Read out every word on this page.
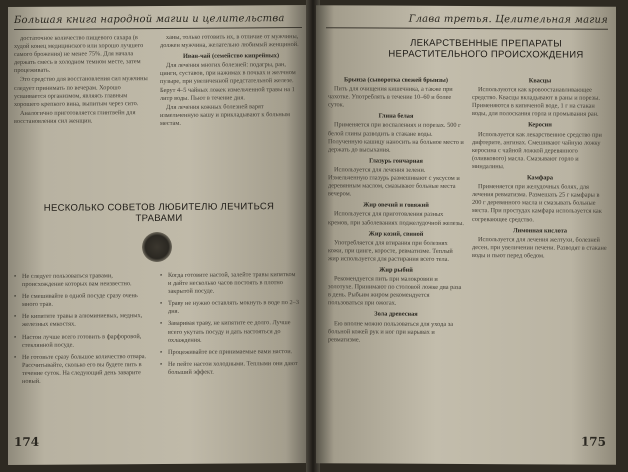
Большая книга народной магии и целительства

достаточное количество пищевого сахара (в худой конец медицинского или хорошо лучшего самого брожения) не менее 75%. Для начала держать смесь в холодном темном месте, затем процеживать.

Это средство для восстановления сил мужчины следует принимать по вечерам. Хорошо усваивается организмом, являясь главным хорошего крепкого вина, выпитым через сито.

Аналогично приготовляется глинтвейн для восстановления сил женщин.

ханы, только готовить их, в отличие от мужчины, должен мужчина, желательно любимый женщиной.

Иван-чай (семейство кипрейных)

Для лечения многих болезней: подагры, ран, цинги, суставов, при нажимах в почках и желчном пузыре, при увеличенной предстательной железе. Берут 4–5 чайных ложек измельченной травы на 1 литр воды. Пьют в течение дня.

Для лечения кожных болезней варят измельченную кашу и прикладывают к больным местам.

НЕСКОЛЬКО СОВЕТОВ ЛЮБИТЕЛЮ ЛЕЧИТЬСЯ ТРАВАМИ
• Не следует пользоваться травами, происхождение которых вам неизвестно.
• Не смешивайте в одной посуде сразу очень много трав.
• Не кипятите травы в алюминиевых, медных, железных емкостях.
• Настои лучше всего готовить в фарфоровой, стеклянной посуде.
• Не готовьте сразу большое количество отвара. Рассчитывайте, сколько его вы будете пить в течение суток. На следующий день заварите новый.
• Когда готовите настой, залейте травы кипятком и дайте несколько часов постоять в плотно закрытой посуде.
• Траву не нужно оставлять мокнуть в воде по 2–3 дня.
• Заваривая траву, не кипятите ее долго. Лучше всего укутать посуду и дать настояться до охлаждения.
• Процеживайте все принимаемые вами настои.
• Не пейте настои холодными. Теплыми они дают больший эффект.
174
Глава третья. Целительная магия
ЛЕКАРСТВЕННЫЕ ПРЕПАРАТЫ НЕРАСТИТЕЛЬНОГО ПРОИСХОЖДЕНИЯ

Брынза (сыворотка свежей брынзы)

Пить для очищения кишечника, а также при чахотке. Употреблять в течение 10–60 и более суток.

Глина белая

Применяется при воспалениях и порезах. 500 г белой глины разводить в стакане воды. Полученную кашицу наносить на больное место и держать до высыхания.

Глазурь гончарная

Используется для лечения зелени. Измельченную глазурь размешивают с уксусом и деревянным маслом, смазывают больные места вечером.

Жир овечий и говяжий

Используется для приготовления разных кремов, при заболеваниях поджелудочной железы.

Жир козий, свиной

Употребляется для втирания при болезнях кожи, при цинге, коросте, ревматизме. Теплый жир используется для растирания всего тела.

Жир рыбий

Рекомендуется пить при малокровии и золотухе. Принимают по столовой ложке два раза в день. Рыбьим жиром рекомендуется пользоваться при ожогах.

Зола древесная

Ею вполне можно пользоваться для ухода за больной кожей рук и ног при нарывах и ревматизме.

Квасцы

Используются как кровоостанавливающее средство. Квасцы вкладывают в раны и порезы. Применяются в кипяченой воде, 1 г на стакан воды, для полоскания горла и промывания ран.

Керосин

Используется как лекарственное средство при дифтерите, ангинах. Смешивают чайную ложку керосина с чайной ложкой деревянного (оливкового) масла. Смазывают горло и миндалины.

Камфара

Применяется при желудочных болях, для лечения ревматизма. Размешать 25 г камфары в 200 г деревянного масла и смазывать больные места. При простудах камфара используется как согревающее средство.

Лимонная кислота

Используется для лечения желтухи, болезней десен, при увеличении печени. Разводят в стакане воды и пьют перед обедом.

175
